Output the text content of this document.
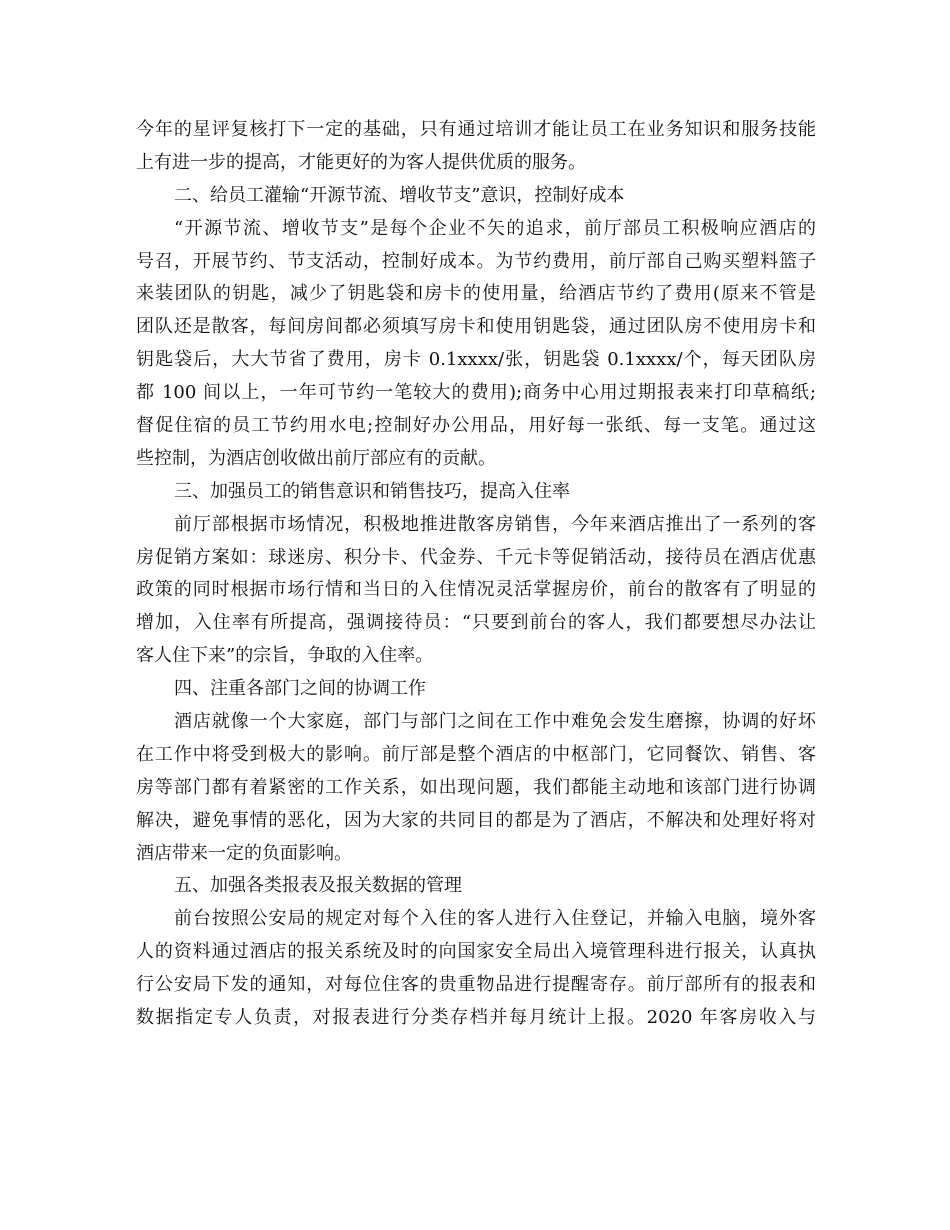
今年的星评复核打下一定的基础，只有通过培训才能让员工在业务知识和服务技能
上有进一步的提高，才能更好的为客人提供优质的服务。
二、给员工灌输“开源节流、增收节支”意识，控制好成本
“开源节流、增收节支”是每个企业不矢的追求，前厅部员工积极响应酒店的
号召，开展节约、节支活动，控制好成本。为节约费用，前厅部自己购买塑料篮子
来装团队的钥匙，减少了钥匙袋和房卡的使用量，给酒店节约了费用(原来不管是
团队还是散客，每间房间都必须填写房卡和使用钥匙袋，通过团队房不使用房卡和
钥匙袋后，大大节省了费用，房卡 0.1xxxx/张，钥匙袋 0.1xxxx/个，每天团队房
都 100 间以上，一年可节约一笔较大的费用);商务中心用过期报表来打印草稿纸;
督促住宿的员工节约用水电;控制好办公用品，用好每一张纸、每一支笔。通过这
些控制，为酒店创收做出前厅部应有的贡献。
三、加强员工的销售意识和销售技巧，提高入住率
前厅部根据市场情况，积极地推进散客房销售，今年来酒店推出了一系列的客
房促销方案如：球迷房、积分卡、代金券、千元卡等促销活动，接待员在酒店优惠
政策的同时根据市场行情和当日的入住情况灵活掌握房价，前台的散客有了明显的
增加，入住率有所提高，强调接待员：“只要到前台的客人，我们都要想尽办法让
客人住下来”的宗旨，争取的入住率。
四、注重各部门之间的协调工作
酒店就像一个大家庭，部门与部门之间在工作中难免会发生磨擦，协调的好坏
在工作中将受到极大的影响。前厅部是整个酒店的中枢部门，它同餐饮、销售、客
房等部门都有着紧密的工作关系，如出现问题，我们都能主动地和该部门进行协调
解决，避免事情的恶化，因为大家的共同目的都是为了酒店，不解决和处理好将对
酒店带来一定的负面影响。
五、加强各类报表及报关数据的管理
前台按照公安局的规定对每个入住的客人进行入住登记，并输入电脑，境外客
人的资料通过酒店的报关系统及时的向国家安全局出入境管理科进行报关，认真执
行公安局下发的通知，对每位住客的贵重物品进行提醒寄存。前厅部所有的报表和
数据指定专人负责，对报表进行分类存档并每月统计上报。2020 年客房收入与
